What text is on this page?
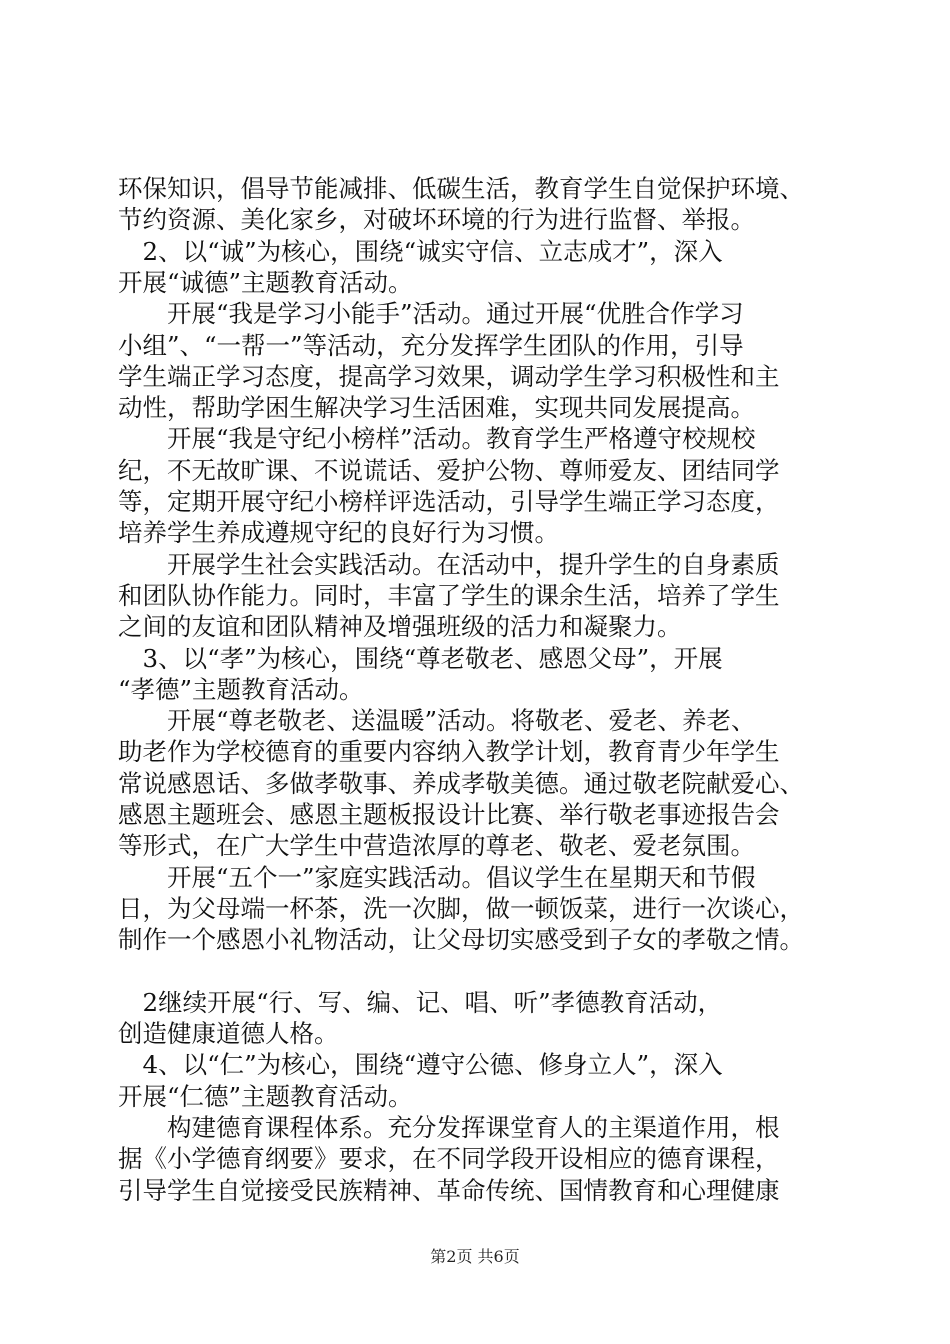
环保知识，倡导节能减排、低碳生活，教育学生自觉保护环境、
节约资源、美化家乡，对破坏环境的行为进行监督、举报。
　2、以“诚”为核心，围绕“诚实守信、立志成才”，深入
开展“诚德”主题教育活动。
　　开展“我是学习小能手”活动。通过开展“优胜合作学习
小组”、“一帮一”等活动，充分发挥学生团队的作用，引导
学生端正学习态度，提高学习效果，调动学生学习积极性和主
动性，帮助学困生解决学习生活困难，实现共同发展提高。
　　开展“我是守纪小榜样”活动。教育学生严格遵守校规校
纪，不无故旷课、不说谎话、爱护公物、尊师爱友、团结同学
等，定期开展守纪小榜样评选活动，引导学生端正学习态度，
培养学生养成遵规守纪的良好行为习惯。
　　开展学生社会实践活动。在活动中，提升学生的自身素质
和团队协作能力。同时，丰富了学生的课余生活，培养了学生
之间的友谊和团队精神及增强班级的活力和凝聚力。
　3、以“孝”为核心，围绕“尊老敬老、感恩父母”，开展
“孝德”主题教育活动。
　　开展“尊老敬老、送温暖”活动。将敬老、爱老、养老、
助老作为学校德育的重要内容纳入教学计划，教育青少年学生
常说感恩话、多做孝敬事、养成孝敬美德。通过敬老院献爱心、
感恩主题班会、感恩主题板报设计比赛、举行敬老事迹报告会
等形式，在广大学生中营造浓厚的尊老、敬老、爱老氛围。
　　开展“五个一”家庭实践活动。倡议学生在星期天和节假
日，为父母端一杯茶，洗一次脚，做一顿饭菜，进行一次谈心，
制作一个感恩小礼物活动，让父母切实感受到子女的孝敬之情。
　2继续开展“行、写、编、记、唱、听”孝德教育活动，
创造健康道德人格。
　4、以“仁”为核心，围绕“遵守公德、修身立人”，深入
开展“仁德”主题教育活动。
　　构建德育课程体系。充分发挥课堂育人的主渠道作用，根
据《小学德育纲要》要求，在不同学段开设相应的德育课程，
引导学生自觉接受民族精神、革命传统、国情教育和心理健康
第2页 共6页
